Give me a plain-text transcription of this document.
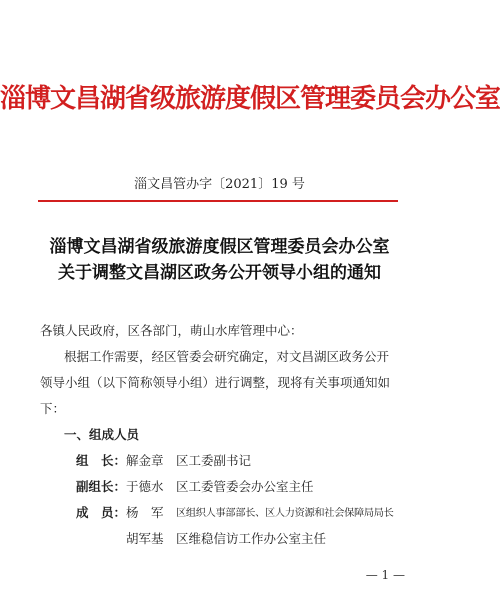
淄博文昌湖省级旅游度假区管理委员会办公室
淄文昌管办字〔2021〕19 号
淄博文昌湖省级旅游度假区管理委员会办公室
关于调整文昌湖区政务公开领导小组的通知
各镇人民政府，区各部门，萌山水库管理中心：
根据工作需要，经区管委会研究确定，对文昌湖区政务公开
领导小组（以下简称领导小组）进行调整，现将有关事项通知如
下：
一、组成人员
组　长： 解金章 区工委副书记
副组长： 于德水 区工委管委会办公室主任
成　员： 杨　军 区组织人事部部长、区人力资源和社会保障局局长
胡军基 区维稳信访工作办公室主任
— 1 —
